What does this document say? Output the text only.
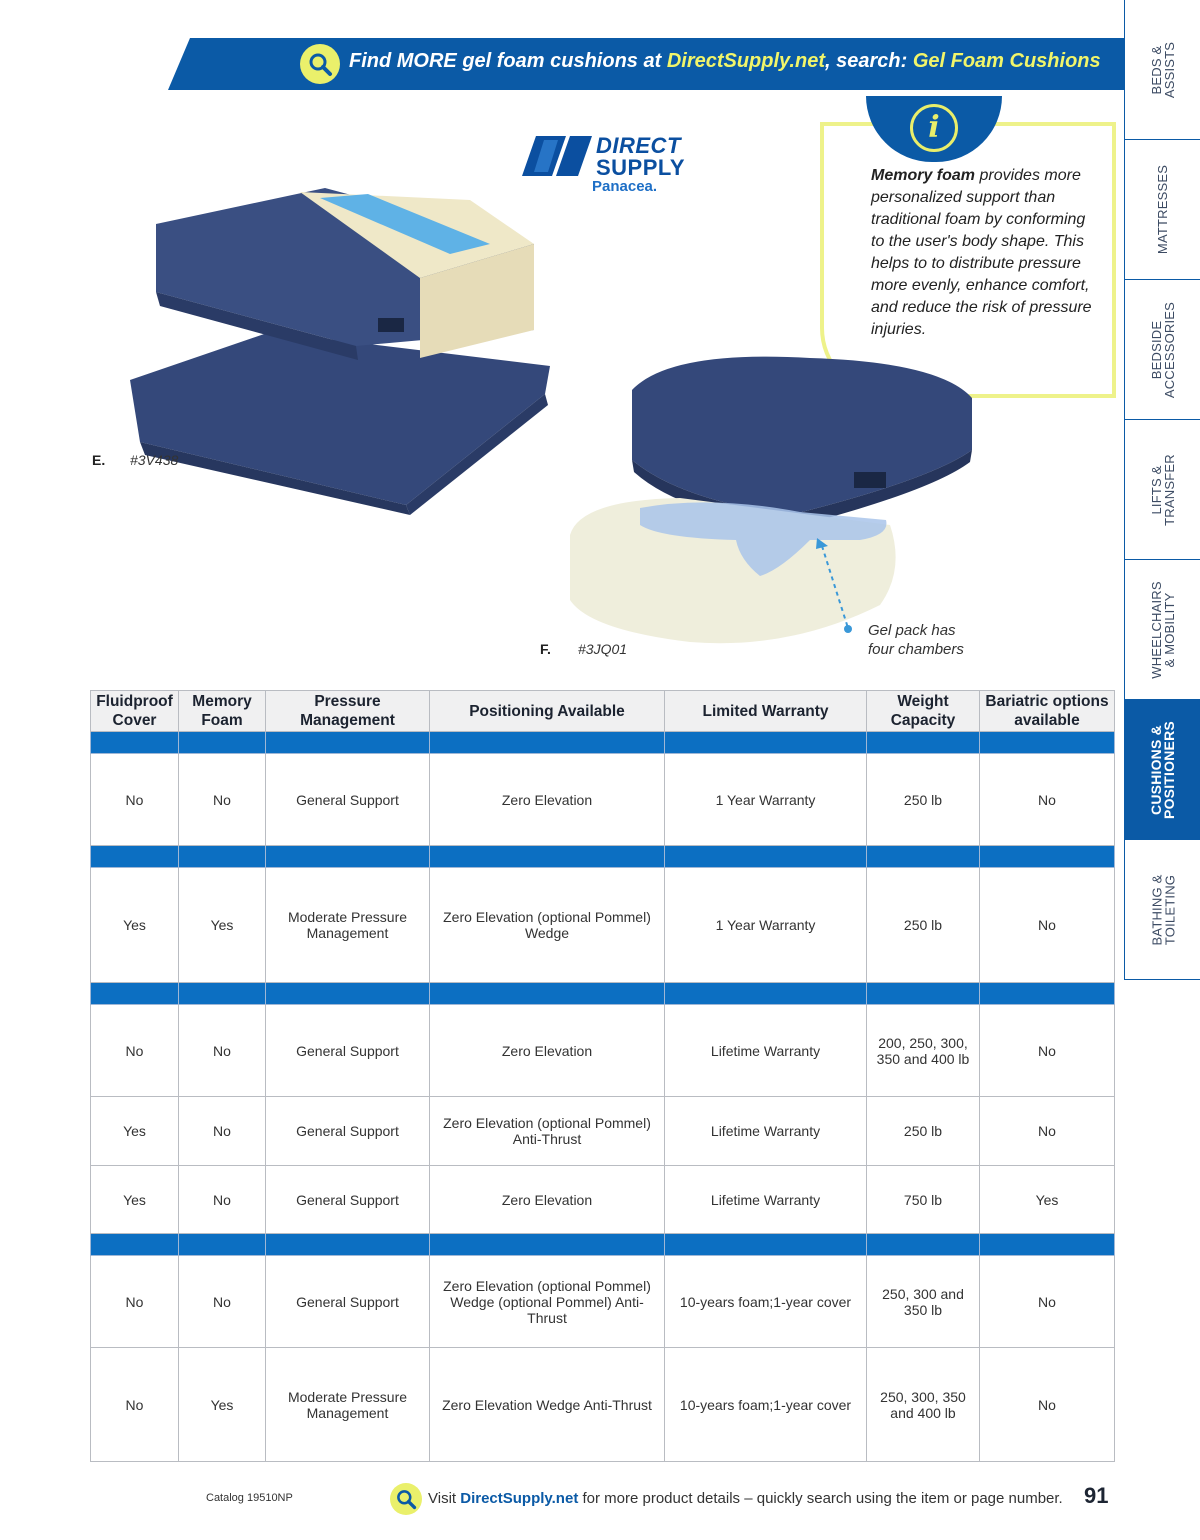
Find MORE gel foam cushions at DirectSupply.net, search: Gel Foam Cushions	BEDS &
ASSISTS
MATTRESSES
BEDSIDE
ACCESSORIES
LIFTS &
TRANSFER
WHEELCHAIRS
& MOBILITY
CUSHIONS &
POSITIONERS
BATHING &
TOILETING
DIRECT
SUPPLY
Panacea.
i
Memory foam provides more personalized support than traditional foam by conforming to the user's body shape. This helps to to distribute pressure more evenly, enhance comfort, and reduce the risk of pressure injuries.
E. #3V438
F. #3JQ01
Gel pack has
four chambers
Fluidproof Cover	Memory Foam	Pressure Management	Positioning Available	Limited Warranty	Weight Capacity	Bariatric options available

No	No	General Support	Zero Elevation	1 Year Warranty	250 lb	No

Yes	Yes	Moderate Pressure Management	Zero Elevation (optional Pommel) Wedge	1 Year Warranty	250 lb	No

No	No	General Support	Zero Elevation	Lifetime Warranty	200, 250, 300, 350 and 400 lb	No
Yes	No	General Support	Zero Elevation (optional Pommel) Anti-Thrust	Lifetime Warranty	250 lb	No
Yes	No	General Support	Zero Elevation	Lifetime Warranty	750 lb	Yes

No	No	General Support	Zero Elevation (optional Pommel) Wedge (optional Pommel) Anti-Thrust	10-years foam;1-year cover	250, 300 and 350 lb	No
No	Yes	Moderate Pressure Management	Zero Elevation Wedge Anti-Thrust	10-years foam;1-year cover	250, 300, 350 and 400 lb	No
Catalog 19510NP	Visit DirectSupply.net for more product details – quickly search using the item or page number. 91
